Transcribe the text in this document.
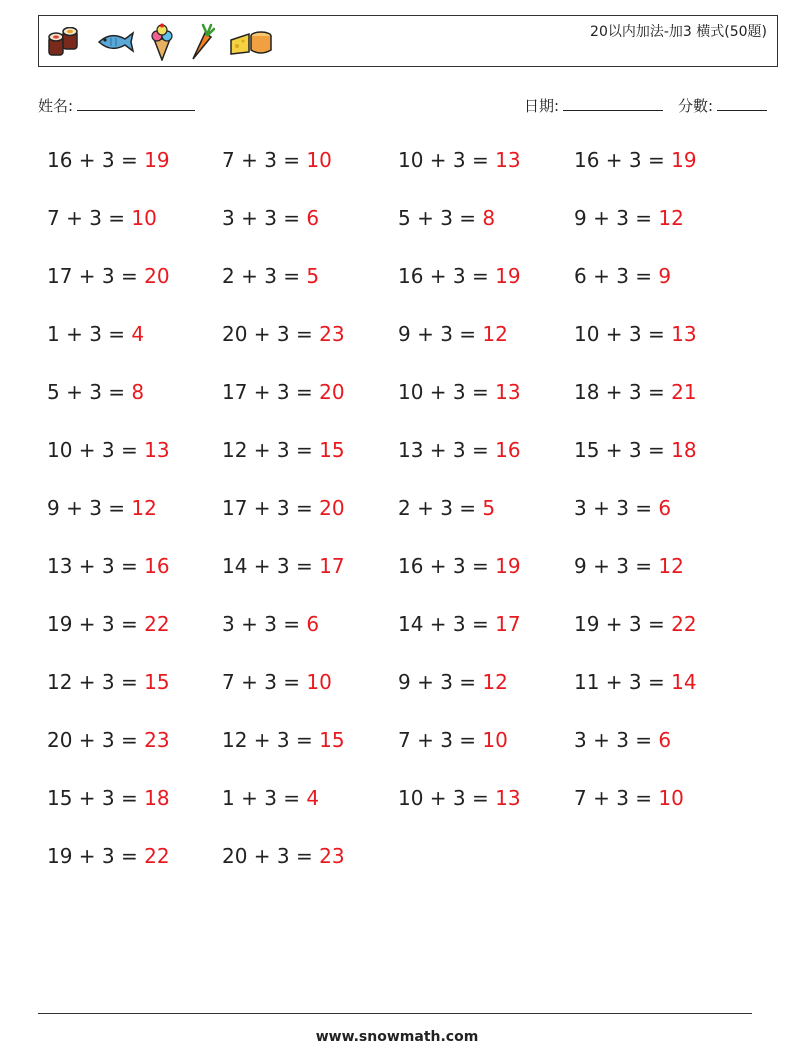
20以内加法-加3 横式(50題)
姓名:	日期:	分數:
16 + 3 = 19	7 + 3 = 10	10 + 3 = 13	16 + 3 = 19
7 + 3 = 10	3 + 3 = 6	5 + 3 = 8	9 + 3 = 12
17 + 3 = 20	2 + 3 = 5	16 + 3 = 19	6 + 3 = 9
1 + 3 = 4	20 + 3 = 23	9 + 3 = 12	10 + 3 = 13
5 + 3 = 8	17 + 3 = 20	10 + 3 = 13	18 + 3 = 21
10 + 3 = 13	12 + 3 = 15	13 + 3 = 16	15 + 3 = 18
9 + 3 = 12	17 + 3 = 20	2 + 3 = 5	3 + 3 = 6
13 + 3 = 16	14 + 3 = 17	16 + 3 = 19	9 + 3 = 12
19 + 3 = 22	3 + 3 = 6	14 + 3 = 17	19 + 3 = 22
12 + 3 = 15	7 + 3 = 10	9 + 3 = 12	11 + 3 = 14
20 + 3 = 23	12 + 3 = 15	7 + 3 = 10	3 + 3 = 6
15 + 3 = 18	1 + 3 = 4	10 + 3 = 13	7 + 3 = 10
19 + 3 = 22	20 + 3 = 23
www.snowmath.com
